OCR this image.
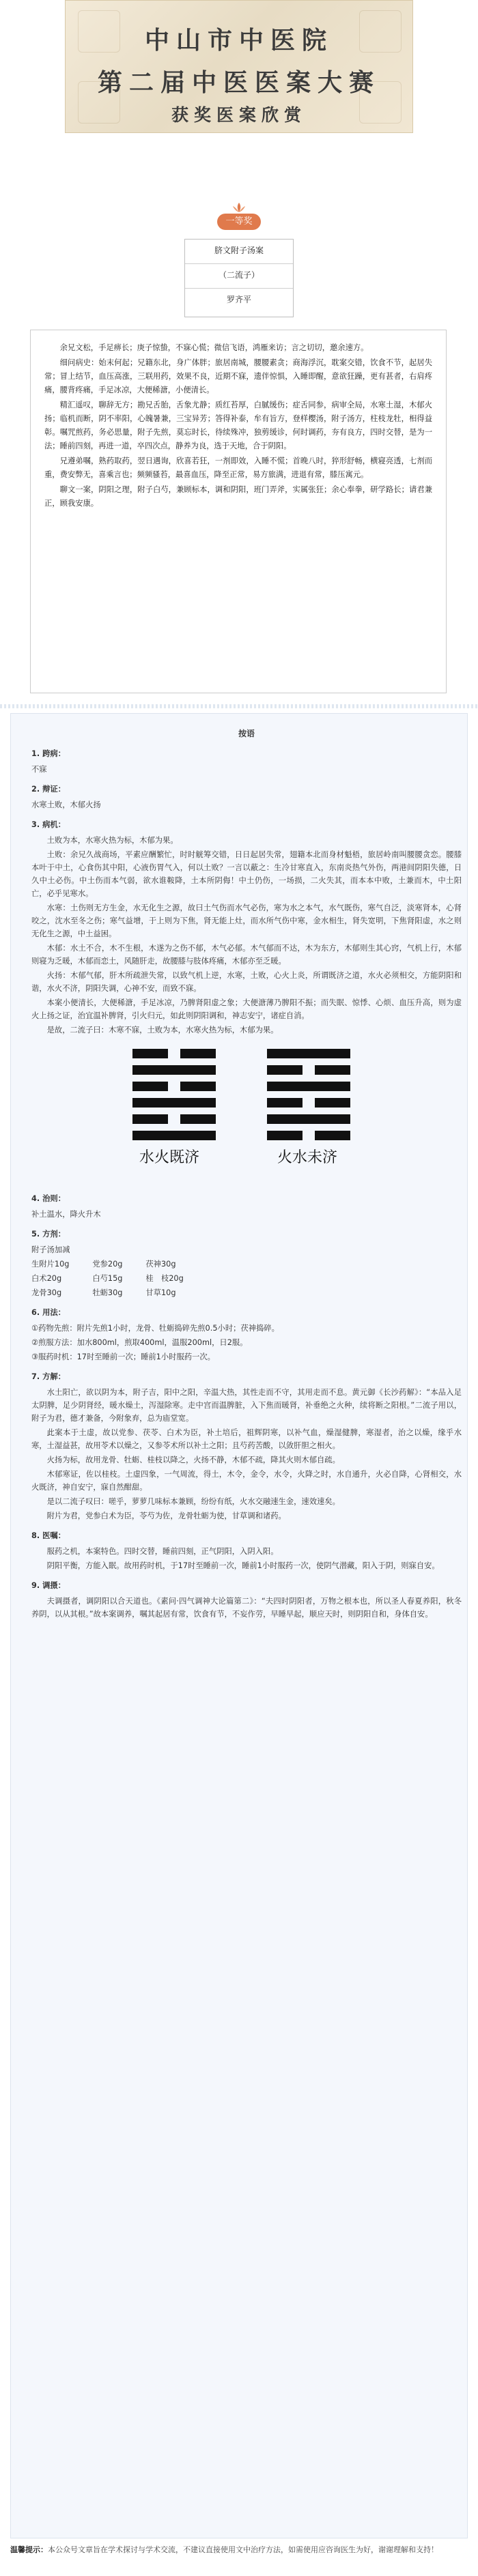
中山市中医院
第二届中医医案大赛
获奖医案欣赏
一等奖
脐文附子汤案
（二流子）
罗齐平

余兄文松，手足痹长；庚子惊蛰，不寐心慌；微信飞语，鸿雁来访；言之切切，邀余速方。

细问病史：始末何起；兄籍东北，身广体胖；旅居南城，腰腰素贪；商海浮沉，耽案交错，饮食不节，起居失常；冒上结节，血压高涨，三联用药，效果不良，近期不寐，遗伴惊惧，入睡即醒，意欲狂躁，更有甚者，右肩疼痛，腰背疼痛，手足冰凉，大便稀溏，小便清长。

精汇遥叹，聊辞无方；勘兄舌胎，舌象尤静；质红苔厚，白腻缓伤；症舌同参，病审全局，水寒土湿，木郁火扬；临机而断，阴不率阳，心魄暑兼，三宝异芳；答得补泰，牟有旨方，登样樱汤，附子汤方，柱枝龙牡，相得益彰。嘱咒煎药，务必思量，附子先煎，莫忘时长，待续殊冲，独剪缓诊，何时调药，夯有良方，四时交替，是为一法；睡前四刻，再进一道，卒四次点，静养为良，选于天地，合于阴阳。

兄遵弟嘱，熟药取药，翌日遇询，欣喜若狂，一剂即效，入睡不慌；首晚八时，猝形舒畅，横寝亮透，七剂而重，费安弊无，喜乘言也；频频骚苔，最喜血压，降至正常，易方旅满，进退有常，膝压寓元。

聊文一案，阴阳之理，附子白芍，兼顾标本，调和阴阳，班门弄斧，实属张狂；余心奉拳，研学路长；请君兼正，顾我安康。

按语
1. 跨病：

不寐

2. 辩证：

水寒土败，木郁火扬

3. 病机：

土败为本，水寒火热为标，木郁为果。

土败：余兄久战商场，平素应酬繁忙，时时觥筹交错，日日起居失常，翅籍本北而身材魁梧，旅居岭南叫腰腰贪恋。腰膝本叶于中土，心食伤其中阳，心液伤胃气入，何以土败？一言以蔽之：生冷甘寒直入，东南炎热气外伤，两港间阴阳失德，日久中土必伤。中土伤而本气弱，欲水谁鞍降，土本所阴侮！中土仍伤，一场损，二火失其，而本本中败，土兼而木，中土阳亡，必乎见寒水。

水寒：土伤则无方生金，水无化生之源，故曰土气伤而水气必伤，寒为水之本气，水气既伤，寒气自泛，淡寒肾本，心肾咬之，沈水至冬之伤；寒气益增，于上则为下焦，肾无能上灶，而水所气伤中寒，金水相生，肾失宽明，下焦肾阳虚，水之则无化生之源，中土益困。

木郁：水土不合，木不生根，木遂为之伤不郁，木气必郁。木气郁而不达，木为东方，木郁则生其心窍，气机上行，木郁则寝为乏暖，木郁而恋土，风随肝走，故腰膝与肢体疼痛，木郁亦至乏暖。

火扬：木郁气郁，肝木所疏泄失常，以致气机上逆，水寒，土败，心火上炎，所谓既济之道，水火必须相交，方能阴阳和谐，水火不济，阴阳失调，心神不安，而致不寐。

本案小便清长，大便稀溏，手足冰凉，乃脾肾阳虚之象；大便溏薄乃脾阳不振；而失眠、惊悸、心烦、血压升高，则为虚火上扬之证，治宜温补脾肾，引火归元，如此则阴阳调和，神志安宁，诸症自消。

是故，二流子曰：木寒不寐，土败为本，水寒火热为标，木郁为果。

水火既济	火水未济
4. 治则：

补土温水，降火升木

5. 方剂：

附子汤加减

生附片10g　　　党参20g　　　茯神30g

白术20g　　　　白芍15g　　　桂　枝20g

龙骨30g　　　　牡蛎30g　　　甘草10g

6. 用法：

①药物先煎：附片先煎1小时，龙骨、牡蛎捣碎先煎0.5小时；茯神捣碎。

②煎服方法：加水800ml，煎取400ml，温服200ml，日2服。

③服药时机：17时至睡前一次；睡前1小时服药一次。

7. 方解：

水土阳亡，欲以阴为本，附子吉，阳中之阳，辛温大热，其性走而不守，其用走而不息。黄元御《长沙药解》：“本品入足太阴脾，足少阴肾经，暖水燥土，泻湿除寒。走中宫而温脾脏，入下焦而暖肾，补垂绝之火种，续将断之阳根。”二流子用以，附子为君，德才兼备，今附象弃，总为庙堂宽。

此案本于土虚，故以党参、茯苓、白术为臣，补土培后，祖辉阴寒，以补气血，燥湿健脾，寒湿者，治之以燥，缘乎水寒，土湿益甚，故用苓术以燥之，又参苓术所以补土之阳；且芍药苦酸，以敛肝胆之相火。

火扬为标，故用龙骨、牡蛎、桂枝以降之，火扬不静，木郁不疏，降其火则木郁自疏。

木郁寒证，佐以桂枝。土虚四象，一气周流，得土，木令，金令，水令，火降之时，水自通升，火必自降，心肾相交，水火既济，神自安宁，寐自然酣甜。

是以二流子叹曰：嗟乎，萝萝几味标本兼顾，纷纷有纸，火水交融速生金，速效速矣。

附片为君，党参白术为臣，苓芍为佐，龙骨牡蛎为使，甘草调和诸药。

8. 医嘱：

服药之机，本案特色。四时交替，睡前四刻，正气阴阳，入阴入阳。

阴阳平衡，方能入眠。故用药时机，于17时至睡前一次，睡前1小时服药一次，使阴气潜藏，阳入于阴，则寐自安。

9. 调摄：

夫调摄者，调阴阳以合天道也。《素问·四气调神大论篇第二》：“夫四时阴阳者，万物之根本也，所以圣人春夏养阳，秋冬养阴，以从其根。”故本案调养，嘱其起居有常，饮食有节，不妄作劳，早睡早起，顺应天时，则阴阳自和，身体自安。

温馨提示：本公众号文章旨在学术探讨与学术交流，不建议直接使用文中治疗方法，如需使用应咨询医生为好，谢谢理解和支持！
